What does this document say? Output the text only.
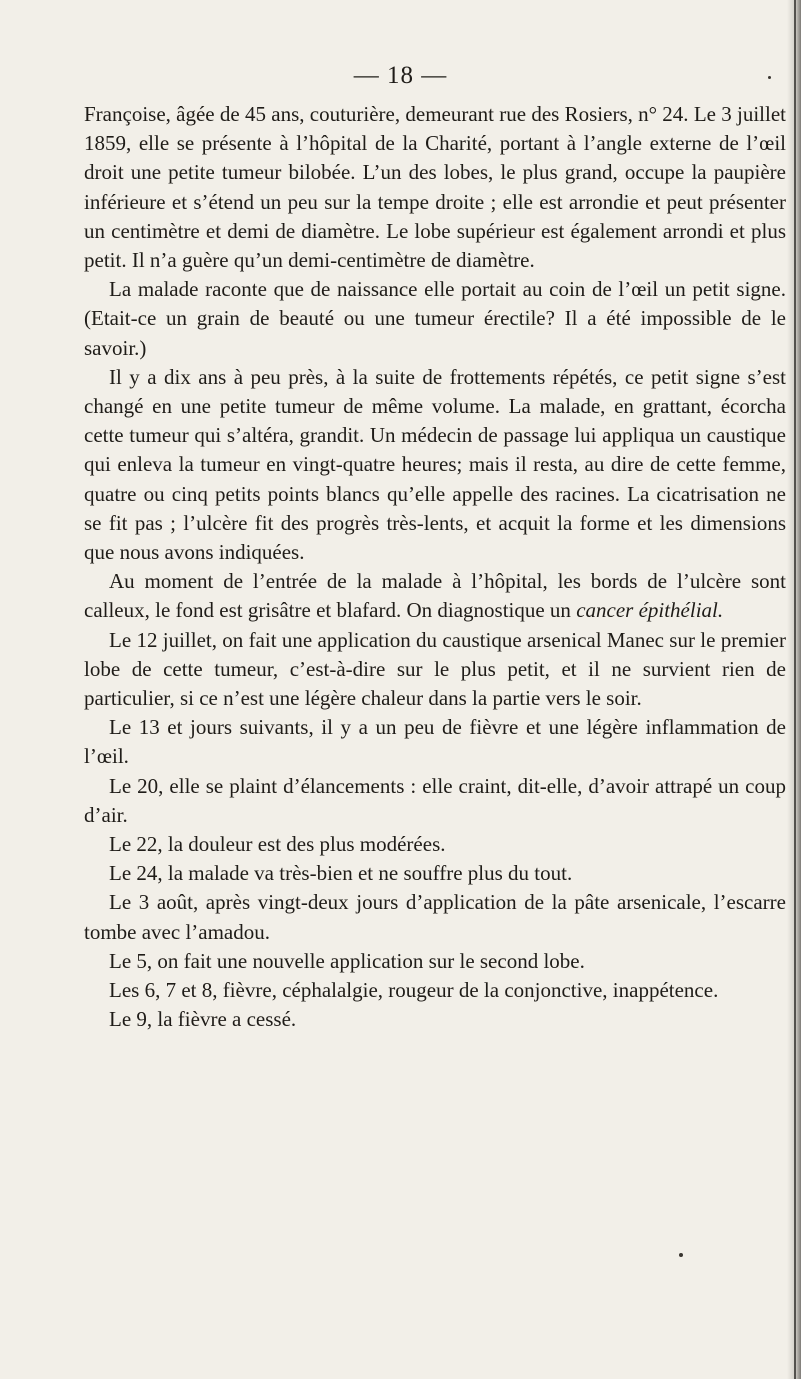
— 18 —

Françoise, âgée de 45 ans, couturière, demeurant rue des Rosiers, n° 24. Le 3 juillet 1859, elle se présente à l’hôpital de la Charité, portant à l’angle externe de l’œil droit une petite tumeur bilobée. L’un des lobes, le plus grand, occupe la paupière inférieure et s’étend un peu sur la tempe droite ; elle est arrondie et peut présenter un centimètre et demi de diamètre. Le lobe supérieur est également arrondi et plus petit. Il n’a guère qu’un demi-centimètre de diamètre.

La malade raconte que de naissance elle portait au coin de l’œil un petit signe. (Etait-ce un grain de beauté ou une tumeur érectile? Il a été impossible de le savoir.)

Il y a dix ans à peu près, à la suite de frottements répétés, ce petit signe s’est changé en une petite tumeur de même volume. La malade, en grattant, écorcha cette tumeur qui s’altéra, grandit. Un médecin de passage lui appliqua un caustique qui enleva la tumeur en vingt-quatre heures; mais il resta, au dire de cette femme, quatre ou cinq petits points blancs qu’elle appelle des racines. La cicatrisation ne se fit pas ; l’ulcère fit des progrès très-lents, et acquit la forme et les dimensions que nous avons indiquées.

Au moment de l’entrée de la malade à l’hôpital, les bords de l’ulcère sont calleux, le fond est grisâtre et blafard. On diagnostique un cancer épithélial.

Le 12 juillet, on fait une application du caustique arsenical Manec sur le premier lobe de cette tumeur, c’est-à-dire sur le plus petit, et il ne survient rien de particulier, si ce n’est une légère chaleur dans la partie vers le soir.

Le 13 et jours suivants, il y a un peu de fièvre et une légère inflammation de l’œil.

Le 20, elle se plaint d’élancements : elle craint, dit-elle, d’avoir attrapé un coup d’air.

Le 22, la douleur est des plus modérées.

Le 24, la malade va très-bien et ne souffre plus du tout.

Le 3 août, après vingt-deux jours d’application de la pâte arsenicale, l’escarre tombe avec l’amadou.

Le 5, on fait une nouvelle application sur le second lobe.

Les 6, 7 et 8, fièvre, céphalalgie, rougeur de la conjonctive, inappétence.

Le 9, la fièvre a cessé.
